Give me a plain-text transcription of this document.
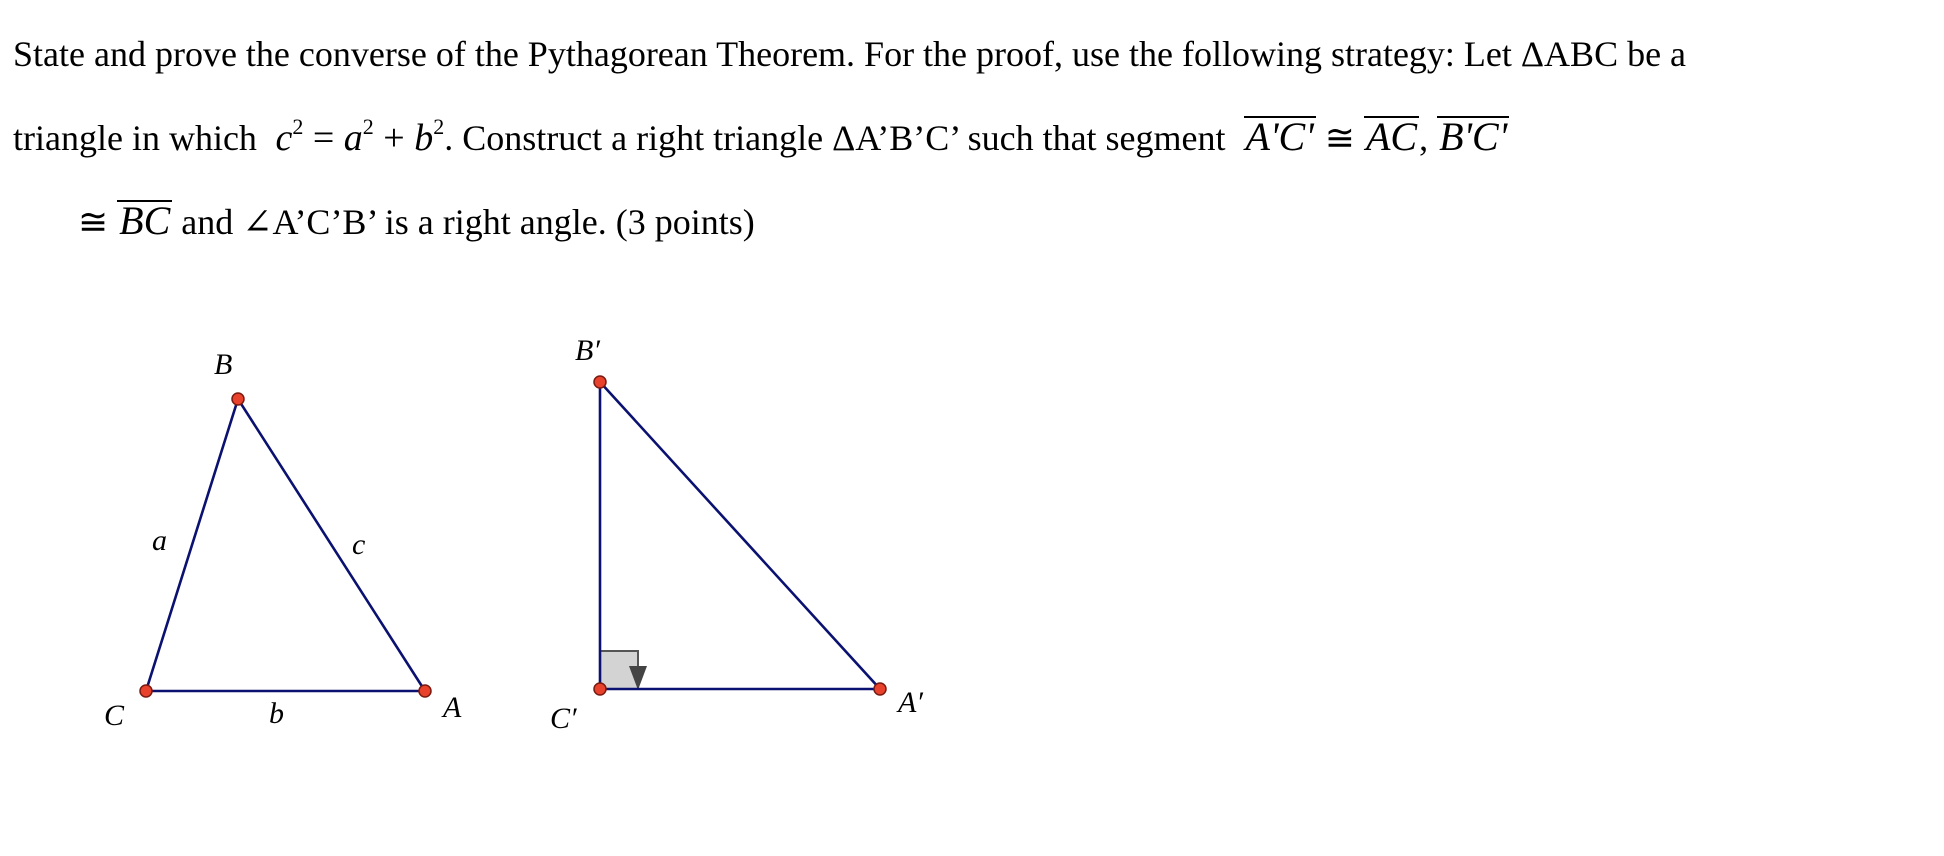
State and prove the converse of the Pythagorean Theorem. For the proof, use the following strategy: Let ΔABC be a
triangle in which $c^2 = a^2 + b^2$. Construct a right triangle ΔA’B’C’ such that segment A'C' ≅ AC, B'C'
≅ BC and ∠A’C’B’ is a right angle. (3 points)
B
C	A
a	c
b
B′
C′	A′
